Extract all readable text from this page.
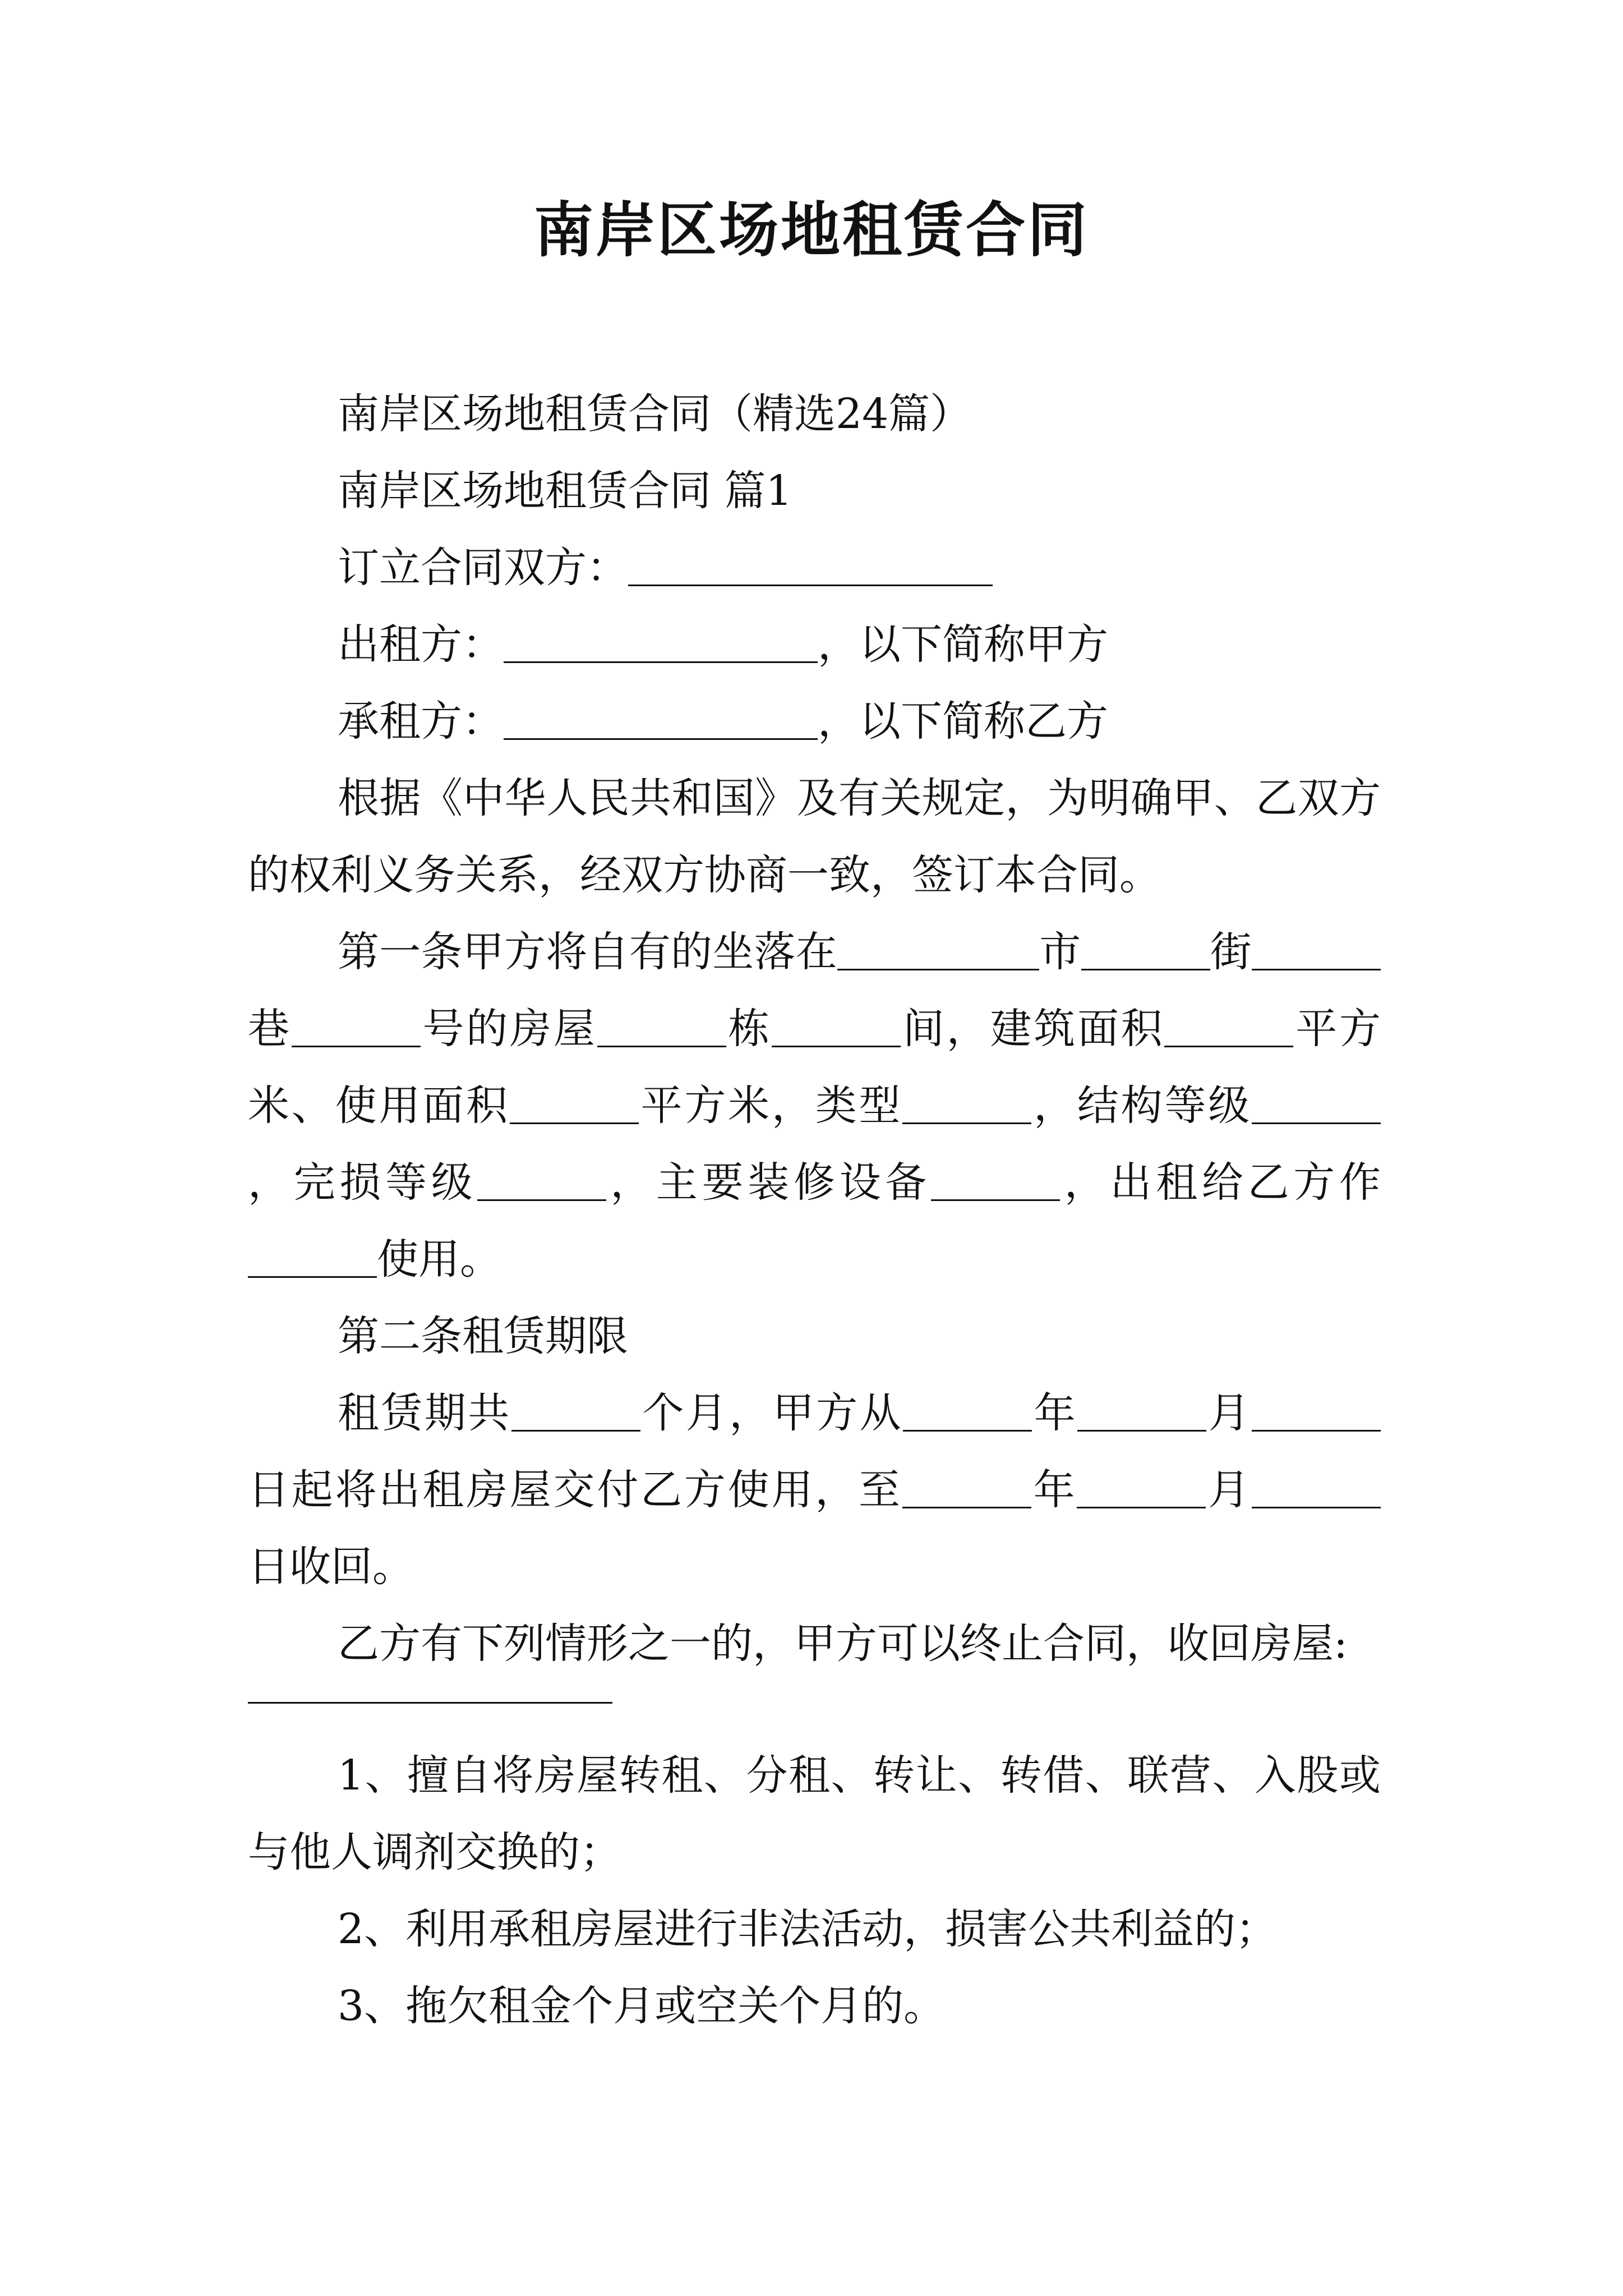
南岸区场地租赁合同

南岸区场地租赁合同（精选24篇）

南岸区场地租赁合同 篇1

订立合同双方：

出租方：	，以下简称甲方

承租方：	，以下简称乙方

根据《中华人民共和国》及有关规定，为明确甲、乙双方的权利义务关系，经双方协商一致，签订本合同。

第一条甲方将自有的坐落在	市	街巷	号的房屋	栋	间，建筑面积	平方米、使用面积	平方米，类型	，结构等级，完损等级	，主要装修设备	，出租给乙方作使用。

第二条租赁期限

租赁期共	个月，甲方从	年	月日起将出租房屋交付乙方使用，至	年	月日收回。

乙方有下列情形之一的，甲方可以终止合同，收回房屋:

1、擅自将房屋转租、分租、转让、转借、联营、入股或与他人调剂交换的；

2、利用承租房屋进行非法活动，损害公共利益的；

3、拖欠租金个月或空关个月的。
